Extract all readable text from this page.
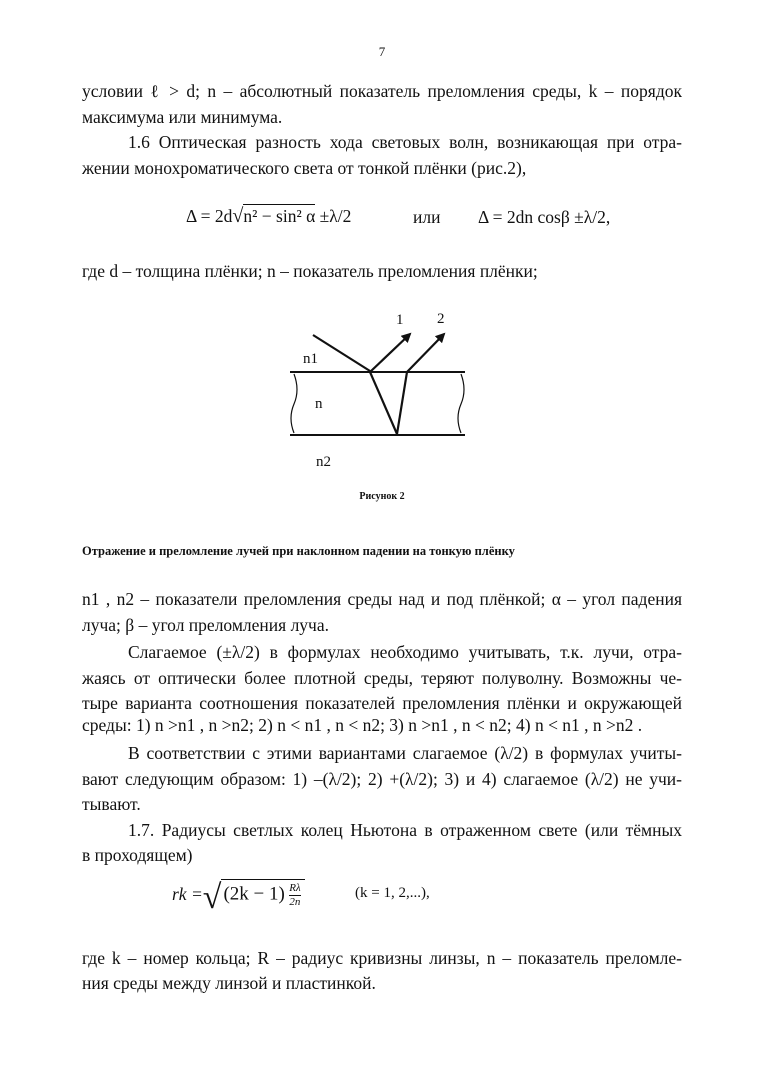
7
условии ℓ > d; n – абсолютный показатель преломления среды, k – порядок
максимума или минимума.
1.6 Оптическая разность хода световых волн, возникающая при отра-
жении монохроматического света от тонкой плёнки (рис.2),
Δ = 2d√n² − sin² α ±λ/2	или Δ = 2dn cosβ ±λ/2,
где d – толщина плёнки; n – показатель преломления плёнки;
1 2
n1
n
n2
Рисунок 2
Отражение и преломление лучей при наклонном падении на тонкую плёнку
n1 , n2 – показатели преломления среды над и под плёнкой; α – угол падения
луча; β – угол преломления луча.
Слагаемое (±λ/2) в формулах необходимо учитывать, т.к. лучи, отра-
жаясь от оптически более плотной среды, теряют полуволну. Возможны че-
тыре варианта соотношения показателей преломления плёнки и окружающей
среды: 1) n >n1 , n >n2; 2) n < n1 , n < n2; 3) n >n1 , n < n2; 4) n < n1 , n >n2 .
В соответствии с этими вариантами слагаемое (λ/2) в формулах учиты-
вают следующим образом: 1) –(λ/2); 2) +(λ/2); 3) и 4) слагаемое (λ/2) не учи-
тывают.
1.7. Радиусы светлых колец Ньютона в отраженном свете (или тёмных
в проходящем)
rk =√ $(2k - 1) \frac{R\lambda}{2n}$	(k = 1, 2,...),
где k – номер кольца; R – радиус кривизны линзы, n – показатель преломле-
ния среды между линзой и пластинкой.
